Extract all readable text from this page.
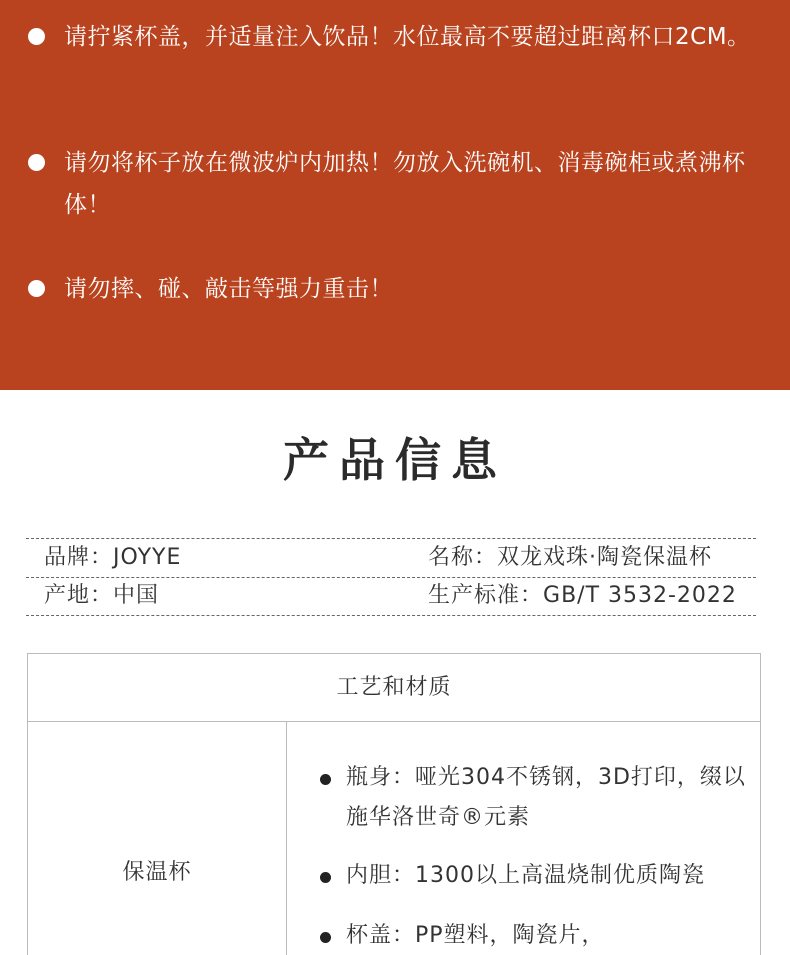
请拧紧杯盖，并适量注入饮品！水位最高不要超过距离杯口2CM。

请勿将杯子放在微波炉内加热！勿放入洗碗机、消毒碗柜或煮沸杯体！

请勿摔、碰、敲击等强力重击！

产品信息
品牌：JOYYE	名称：双龙戏珠·陶瓷保温杯
产地：中国	生产标准：GB/T 3532-2022
工艺和材质
保温杯

瓶身：哑光304不锈钢，3D打印，缀以施华洛世奇®元素

内胆：1300以上高温烧制优质陶瓷

杯盖：PP塑料，陶瓷片，
